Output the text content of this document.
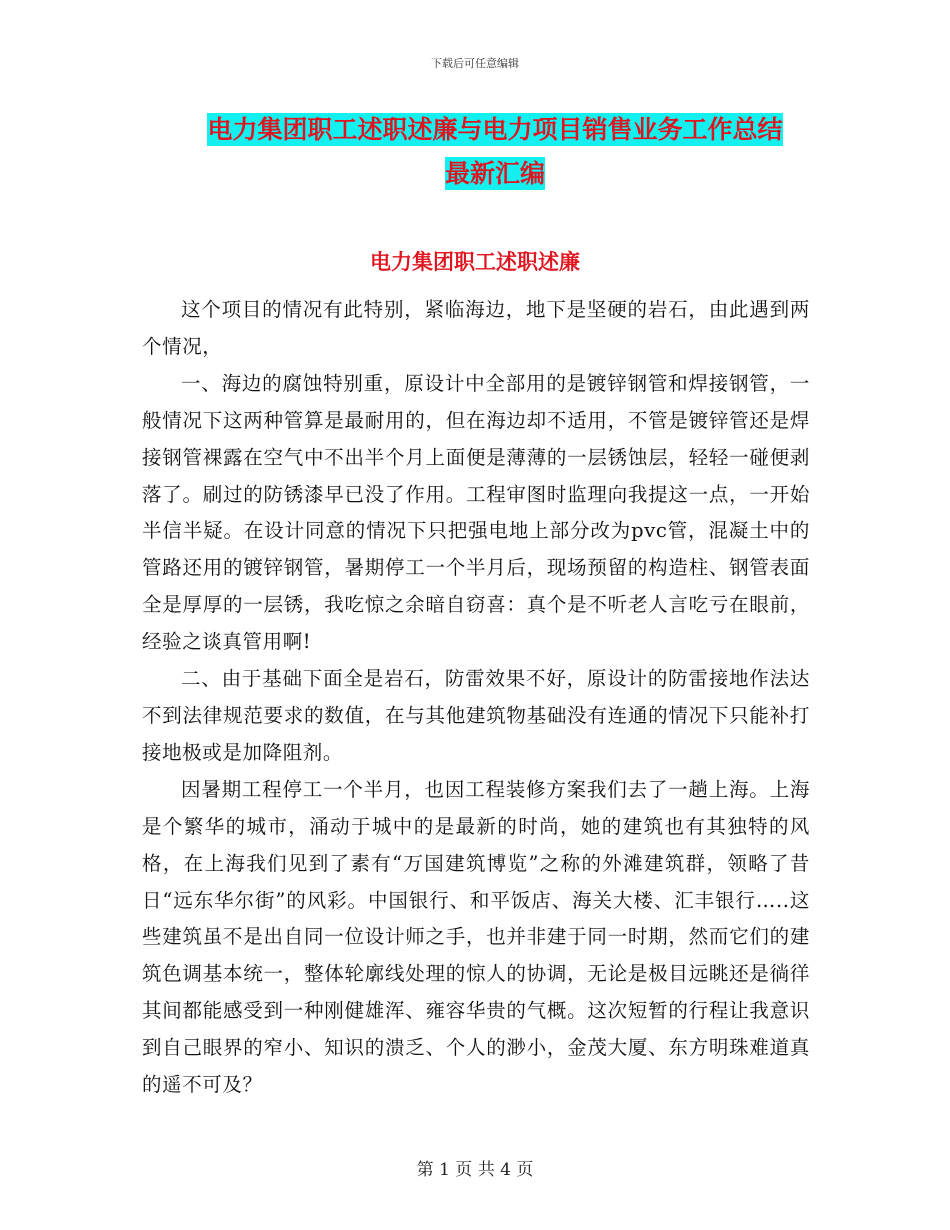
下载后可任意编辑
电力集团职工述职述廉与电力项目销售业务工作总结
最新汇编
电力集团职工述职述廉

这个项目的情况有此特别，紧临海边，地下是坚硬的岩石，由此遇到两个情况，

一、海边的腐蚀特别重，原设计中全部用的是镀锌钢管和焊接钢管，一般情况下这两种管算是最耐用的，但在海边却不适用，不管是镀锌管还是焊接钢管裸露在空气中不出半个月上面便是薄薄的一层锈蚀层，轻轻一碰便剥落了。刷过的防锈漆早已没了作用。工程审图时监理向我提这一点，一开始半信半疑。在设计同意的情况下只把强电地上部分改为pvc管，混凝土中的管路还用的镀锌钢管，暑期停工一个半月后，现场预留的构造柱、钢管表面全是厚厚的一层锈，我吃惊之余暗自窃喜：真个是不听老人言吃亏在眼前，经验之谈真管用啊!

二、由于基础下面全是岩石，防雷效果不好，原设计的防雷接地作法达不到法律规范要求的数值，在与其他建筑物基础没有连通的情况下只能补打接地极或是加降阻剂。

因暑期工程停工一个半月，也因工程装修方案我们去了一趟上海。上海是个繁华的城市，涌动于城中的是最新的时尚，她的建筑也有其独特的风格，在上海我们见到了素有“万国建筑博览”之称的外滩建筑群，领略了昔日“远东华尔街”的风彩。中国银行、和平饭店、海关大楼、汇丰银行…..这些建筑虽不是出自同一位设计师之手，也并非建于同一时期，然而它们的建筑色调基本统一，整体轮廓线处理的惊人的协调，无论是极目远眺还是徜徉其间都能感受到一种刚健雄浑、雍容华贵的气概。这次短暂的行程让我意识到自己眼界的窄小、知识的溃乏、个人的渺小，金茂大厦、东方明珠难道真的遥不可及？

第 1 页 共 4 页
